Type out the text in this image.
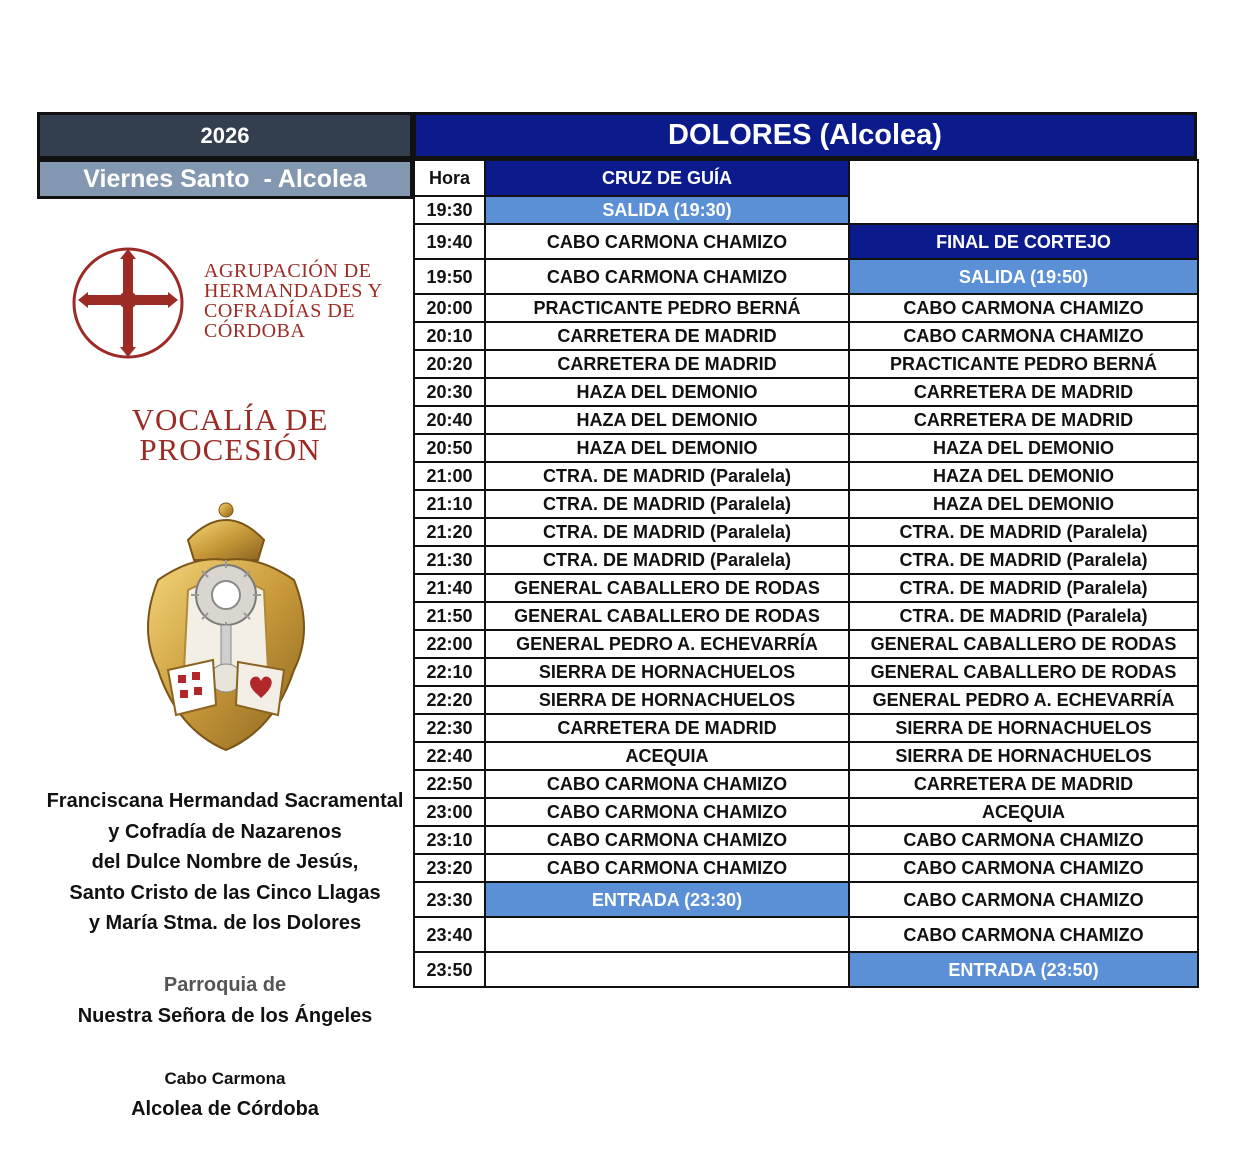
2026
Viernes Santo  - Alcolea
DOLORES (Alcolea)
Hora	CRUZ DE GUÍA	
19:30	SALIDA (19:30)	
19:40	CABO CARMONA CHAMIZO	FINAL DE CORTEJO
19:50	CABO CARMONA CHAMIZO	SALIDA (19:50)
20:00	PRACTICANTE PEDRO BERNÁ	CABO CARMONA CHAMIZO
20:10	CARRETERA DE MADRID	CABO CARMONA CHAMIZO
20:20	CARRETERA DE MADRID	PRACTICANTE PEDRO BERNÁ
20:30	HAZA DEL DEMONIO	CARRETERA DE MADRID
20:40	HAZA DEL DEMONIO	CARRETERA DE MADRID
20:50	HAZA DEL DEMONIO	HAZA DEL DEMONIO
21:00	CTRA. DE MADRID (Paralela)	HAZA DEL DEMONIO
21:10	CTRA. DE MADRID (Paralela)	HAZA DEL DEMONIO
21:20	CTRA. DE MADRID (Paralela)	CTRA. DE MADRID (Paralela)
21:30	CTRA. DE MADRID (Paralela)	CTRA. DE MADRID (Paralela)
21:40	GENERAL CABALLERO DE RODAS	CTRA. DE MADRID (Paralela)
21:50	GENERAL CABALLERO DE RODAS	CTRA. DE MADRID (Paralela)
22:00	GENERAL PEDRO A. ECHEVARRÍA	GENERAL CABALLERO DE RODAS
22:10	SIERRA DE HORNACHUELOS	GENERAL CABALLERO DE RODAS
22:20	SIERRA DE HORNACHUELOS	GENERAL PEDRO A. ECHEVARRÍA
22:30	CARRETERA DE MADRID	SIERRA DE HORNACHUELOS
22:40	ACEQUIA	SIERRA DE HORNACHUELOS
22:50	CABO CARMONA CHAMIZO	CARRETERA DE MADRID
23:00	CABO CARMONA CHAMIZO	ACEQUIA
23:10	CABO CARMONA CHAMIZO	CABO CARMONA CHAMIZO
23:20	CABO CARMONA CHAMIZO	CABO CARMONA CHAMIZO
23:30	ENTRADA (23:30)	CABO CARMONA CHAMIZO
23:40		CABO CARMONA CHAMIZO
23:50		ENTRADA (23:50)
AGRUPACIÓN DE
HERMANDADES Y
COFRADÍAS DE
CÓRDOBA
VOCALÍA DE
PROCESIÓN
Franciscana Hermandad Sacramental
y Cofradía de Nazarenos
del Dulce Nombre de Jesús,
Santo Cristo de las Cinco Llagas
y María Stma. de los Dolores
Parroquia de
Nuestra Señora de los Ángeles
Cabo Carmona
Alcolea de Córdoba
